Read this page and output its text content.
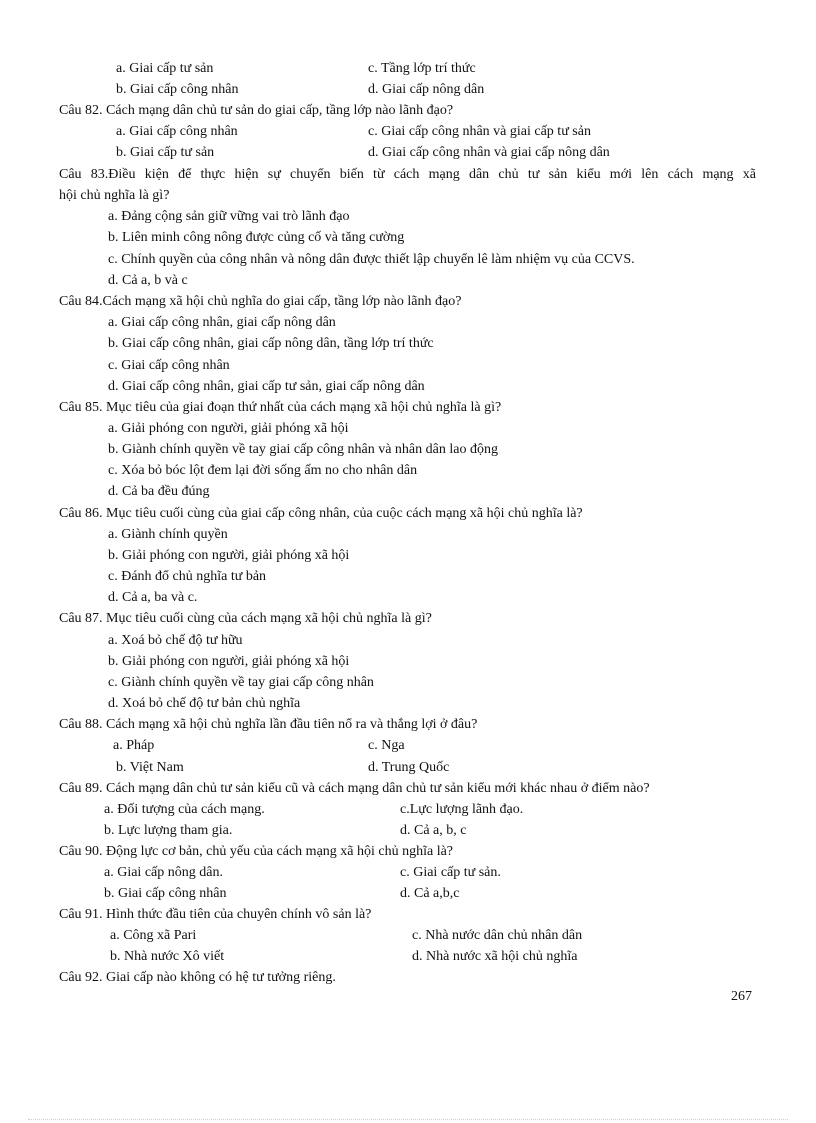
a. Giai cấp tư sản	c. Tầng lớp trí thức
b. Giai cấp công nhân	d. Giai cấp nông dân
Câu 82. Cách mạng dân chủ tư sản do giai cấp, tầng lớp nào lãnh đạo?
a. Giai cấp công nhân	c. Giai cấp công nhân và giai cấp tư sản
b. Giai cấp tư sản	d. Giai cấp công nhân và giai cấp nông dân
Câu 83.Điều kiện để thực hiện sự chuyển biến từ cách mạng dân chủ tư sản kiểu mới lên cách mạng xã
hội chủ nghĩa là gì?
a. Đảng cộng sản giữ vững vai trò lãnh đạo
b. Liên minh công nông được củng cố và tăng cường
c. Chính quyền của công nhân và nông dân được thiết lập chuyển lê làm nhiệm vụ của CCVS.
d. Cả a, b và c
Câu 84.Cách mạng xã hội chủ nghĩa do giai cấp, tầng lớp nào lãnh đạo?
a. Giai cấp công nhân, giai cấp nông dân
b. Giai cấp công nhân, giai cấp nông dân, tầng lớp trí thức
c. Giai cấp công nhân
d. Giai cấp công nhân, giai cấp tư sản, giai cấp nông dân
Câu 85. Mục tiêu của giai đoạn thứ nhất của cách mạng xã hội chủ nghĩa là gì?
a. Giải phóng con người, giải phóng xã hội
b. Giành chính quyền về tay giai cấp công nhân và nhân dân lao động
c. Xóa bỏ bóc lột đem lại đời sống ấm no cho nhân dân
d. Cả ba đều đúng
Câu 86. Mục tiêu cuối cùng của giai cấp công nhân, của cuộc cách mạng xã hội chủ nghĩa là?
a. Giành chính quyền
b. Giải phóng con người, giải phóng xã hội
c. Đánh đổ chủ nghĩa tư bản
d. Cả a, ba và c.
Câu 87. Mục tiêu cuối cùng của cách mạng xã hội chủ nghĩa là gì?
a. Xoá bỏ chế độ tư hữu
b. Giải phóng con người, giải phóng xã hội
c. Giành chính quyền về tay giai cấp công nhân
d. Xoá bỏ chế độ tư bản chủ nghĩa
Câu 88. Cách mạng xã hội chủ nghĩa lần đầu tiên nổ ra và thắng lợi ở đâu?
a. Pháp	c. Nga
b. Việt Nam	d. Trung Quốc
Câu 89. Cách mạng dân chủ tư sản kiểu cũ và cách mạng dân chủ tư sản kiểu mới khác nhau ở điểm nào?
a. Đối tượng của cách mạng.	c.Lực lượng lãnh đạo.
b. Lực lượng tham gia.	d. Cả a, b, c
Câu 90. Động lực cơ bản, chủ yếu của cách mạng xã hội chủ nghĩa là?
a. Giai cấp nông dân.	c. Giai cấp tư sản.
b. Giai cấp công nhân	d. Cả a,b,c
Câu 91. Hình thức đầu tiên của chuyên chính vô sản là?
a. Công xã Pari	c. Nhà nước dân chủ nhân dân
b. Nhà nước Xô viết	d. Nhà nước xã hội chủ nghĩa
Câu 92. Giai cấp nào không có hệ tư tưởng riêng.
267
